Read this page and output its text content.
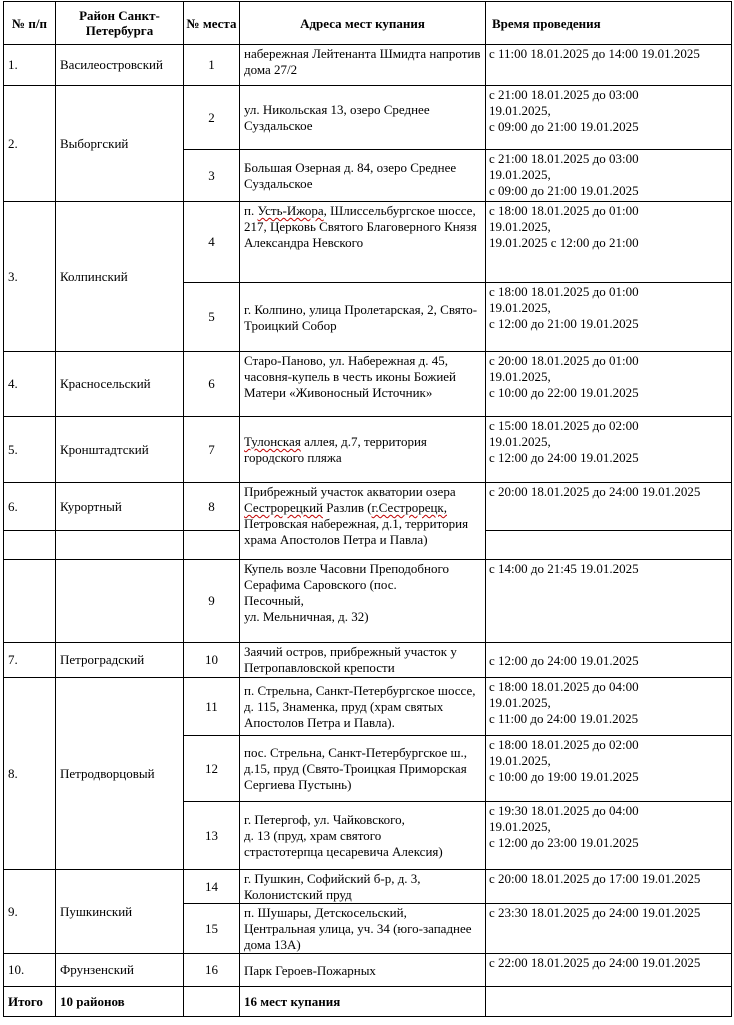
№ п/п	Район Санкт-Петербурга	№ места	Адреса мест купания	Время проведения
1.	Василеостровский	1	набережная Лейтенанта Шмидта напротив дома 27/2	с 11:00 18.01.2025 до 14:00 19.01.2025
2.	Выборгский	2	ул. Никольская 13, озеро Среднее Суздальское	с 21:00 18.01.2025 до 03:00
19.01.2025,
с 09:00 до 21:00 19.01.2025

		3	Большая Озерная д. 84, озеро Среднее Суздальское	с 21:00 18.01.2025 до 03:00
19.01.2025,
с 09:00 до 21:00 19.01.2025

3.	Колпинский	4	п. Усть-Ижора, Шлиссельбургское шоссе, 217, Церковь Святого Благоверного Князя Александра Невского	с 18:00 18.01.2025 до 01:00
19.01.2025,
19.01.2025 с 12:00 до 21:00

		5	г. Колпино, улица Пролетарская, 2, Свято-Троицкий Собор	с 18:00 18.01.2025 до 01:00
19.01.2025,
с 12:00 до 21:00 19.01.2025

4.	Красносельский	6	Старо-Паново, ул. Набережная д. 45, часовня-купель в честь иконы Божией Матери «Живоносный Источник»	с 20:00 18.01.2025 до 01:00
19.01.2025,
с 10:00 до 22:00 19.01.2025

5.	Кронштадтский	7	Тулонская аллея, д.7, территория городского пляжа	с 15:00 18.01.2025 до 02:00
19.01.2025,
с 12:00 до 24:00 19.01.2025

6.	Курортный	8	Прибрежный участок акватории озера Сестрорецкий Разлив (г.Сестрорецк, Петровская набережная, д.1, территория храма Апостолов Петра и Павла)	с 20:00 18.01.2025 до 24:00 19.01.2025

		9	Купель возле Часовни Преподобного
Серафима Саровского (пос.
Песочный,
ул. Мельничная, д. 32)	с 14:00 до 21:45 19.01.2025
7.	Петроградский	10	Заячий остров, прибрежный участок у Петропавловской крепости	с 12:00 до 24:00 19.01.2025
8.	Петродворцовый	11	п. Стрельна, Санкт-Петербургское шоссе, д. 115, Знаменка, пруд (храм святых Апостолов Петра и Павла).	с 18:00 18.01.2025 до 04:00
19.01.2025,
с 11:00 до 24:00 19.01.2025

		12	пос. Стрельна, Санкт-Петербургское ш., д.15, пруд (Свято-Троицкая Приморская Сергиева Пустынь)	с 18:00 18.01.2025 до 02:00
19.01.2025,
с 10:00 до 19:00 19.01.2025

		13	г. Петергоф, ул. Чайковского,
д. 13 (пруд, храм святого
страстотерпца цесаревича Алексия)	с 19:30 18.01.2025 до 04:00
19.01.2025,
с 12:00 до 23:00 19.01.2025

9.	Пушкинский	14	г. Пушкин, Софийский б-р, д. 3, Колонистский пруд	с 20:00 18.01.2025 до 17:00 19.01.2025
		15	п. Шушары, Детскосельский, Центральная улица, уч. 34 (юго-западнее дома 13А)	с 23:30 18.01.2025 до 24:00 19.01.2025
10.	Фрунзенский	16	Парк Героев-Пожарных	с 22:00 18.01.2025 до 24:00 19.01.2025
Итого	10 районов		16 мест купания	
